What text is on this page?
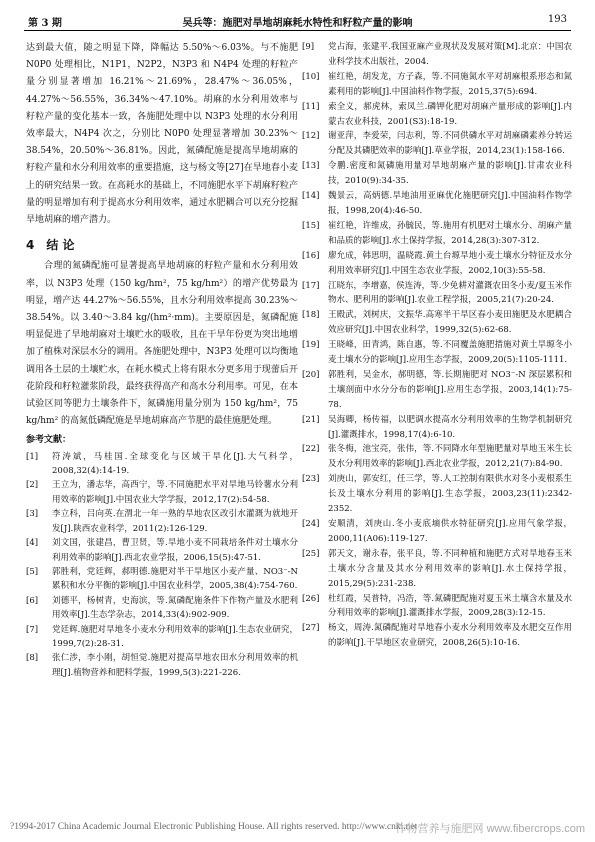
第 3 期	吴兵等：施肥对旱地胡麻耗水特性和籽粒产量的影响	193

达到最大值，随之明显下降，降幅达 5.50%～6.03%。与不施肥 N0P0 处理相比，N1P1，N2P2，N3P3 和 N4P4 处理的籽粒产量分别显著增加 16.21%～21.69%，28.47%～36.05%，44.27%～56.55%，36.34%～47.10%。胡麻的水分利用效率与籽粒产量的变化基本一致，各施肥处理中以 N3P3 处理的水分利用效率最大，N4P4 次之，分别比 N0P0 处理显著增加 30.23%～38.54%，20.50%～36.81%。因此，氮磷配施是提高旱地胡麻的籽粒产量和水分利用效率的重要措施，这与杨文等[27]在旱地春小麦上的研究结果一致。在高耗水的基础上，不同施肥水平下胡麻籽粒产量的明显增加有利于提高水分利用效率，通过水肥耦合可以充分挖掘旱地胡麻的增产潜力。

4　结 论

合理的氮磷配施可显著提高旱地胡麻的籽粒产量和水分利用效率，以 N3P3 处理（150 kg/hm²，75 kg/hm²）的增产优势最为明显，增产达 44.27%～56.55%，且水分利用效率提高 30.23%～38.54%。以 3.40～3.84 kg/(hm²·mm)。主要原因是，氮磷配施明显促进了旱地胡麻对土壤贮水的吸收，且在干旱年份更为突出地增加了植株对深层水分的调用。各施肥处理中，N3P3 处理可以均衡地调用各土层的土壤贮水，在耗水模式上将有限水分更多用于现蕾后开花阶段和籽粒灌浆阶段，最终获得高产和高水分利用率。可见，在本试验区同等肥力土壤条件下，氮磷施用量分别为 150 kg/hm²，75 kg/hm² 的高氮低磷配施是旱地胡麻高产节肥的最佳施肥处理。

参考文献：
[1]	符涛斌，马桂国.全球变化与区域干旱化[J].大气科学，2008,32(4):14-19.
[2]	王立为，潘志华，高西宁，等.不同施肥水平对旱地马铃薯水分利用效率的影响[J].中国农业大学学报，2012,17(2):54-58.
[3]	李立科，吕向英.在渭北一年一熟的旱地农区改引水灌溉为就地开发[J].陕西农业科学，2011(2):126-129.
[4]	刘文国，张建昌，曹卫贤，等.旱地小麦不同栽培条件对土壤水分利用效率的影响[J].西北农业学报，2006,15(5):47-51.
[5]	郭胜利，党廷辉，郝明德.施肥对半干旱地区小麦产量、NO3⁻-N 累积和水分平衡的影响[J].中国农业科学，2005,38(4):754-760.
[6]	刘德平，杨树青，史海滨，等.氮磷配施条件下作物产量及水肥利用效率[J].生态学杂志，2014,33(4):902-909.
[7]	党廷辉.施肥对旱地冬小麦水分利用效率的影响[J].生态农业研究，1999,7(2):28-31.
[8]	张仁涉，李小刚，胡恒觉.施肥对提高旱地农田水分利用效率的机理[J].植物营养和肥料学报，1999,5(3):221-226.
[9]	党占海，张建平.我国亚麻产业现状及发展对策[M].北京：中国农业科学技术出版社，2004.
[10]	崔红艳，胡发龙，方子森，等.不同施氮水平对胡麻根系形态和氮素利用的影响[J].中国油料作物学报，2015,37(5):694.
[11]	索全义，郝虎林，索凤兰.磷钾化肥对胡麻产量形成的影响[J].内蒙古农业科技，2001(S3):18-19.
[12]	谢亚萍，李爱荣，闫志利，等.不同供磷水平对胡麻磷素养分转运分配及其磷肥效率的影响[J].草业学报，2014,23(1):158-166.
[13]	令鹏.密度和氮磷施用量对旱地胡麻产量的影响[J].甘肃农业科技，2010(9):34-35.
[14]	魏景云，高炳德.旱地油用亚麻优化施肥研究[J].中国油料作物学报，1998,20(4):46-50.
[15]	崔红艳，许维成，孙毓民，等.施用有机肥对土壤水分、胡麻产量和品质的影响[J].水土保持学报，2014,28(3):307-312.
[16]	廖允成，韩思明，温晓霞.黄土台塬旱地小麦土壤水分特征及水分利用效率研究[J].中国生态农业学报，2002,10(3):55-58.
[17]	江晓东，李增嘉，侯连涛，等.少免耕对灌溉农田冬小麦/夏玉米作物水、肥利用的影响[J].农业工程学报，2005,21(7):20-24.
[18]	王殿武，刘树庆，文振华.高寒半干旱区春小麦田施肥及水肥耦合效应研究[J].中国农业科学，1999,32(5):62-68.
[19]	王晓峰，田青鸿，陈自惠，等.不同覆盖施肥措施对黄土旱塬冬小麦土壤水分的影响[J].应用生态学报，2009,20(5):1105-1111.
[20]	郭胜利，吴金水，郝明德，等.长期施肥对 NO3⁻-N 深层累积和土壤剖面中水分分布的影响[J].应用生态学报，2003,14(1):75-78.
[21]	吴海卿，杨传福，以肥调水提高水分利用效率的生物学机制研究[J].灌溉排水，1998,17(4):6-10.
[22]	张冬梅，池宝亮，张伟，等.不同降水年型施肥量对旱地玉米生长及水分利用效率的影响[J].西北农业学报，2012,21(7):84-90.
[23]	刘庚山，郭安红，任三学，等.人工控制有限供水对冬小麦根系生长及土壤水分利用的影响[J].生态学报，2003,23(11):2342-2352.
[24]	安顺清，刘庚山.冬小麦底墒供水特征研究[J].应用气象学报，2000,11(A06):119-127.
[25]	郭天文，谢永春，张平良，等.不同种植和施肥方式对旱地春玉米土壤水分含量及其水分利用效率的影响[J].水土保持学报，2015,29(5):231-238.
[26]	杜红霞，吴普特，冯浩，等.氮磷肥配施对夏玉米土壤含水量及水分利用效率的影响[J].灌溉排水学报，2009,28(3):12-15.
[27]	杨文，周涛.氮磷配施对旱地春小麦水分利用效率及水肥交互作用的影响[J].干旱地区农业研究，2008,26(5):10-16.
?1994-2017 China Academic Journal Electronic Publishing House. All rights reserved. http://www.cnki.net
作物营养与施肥网 www.fibercrops.com
